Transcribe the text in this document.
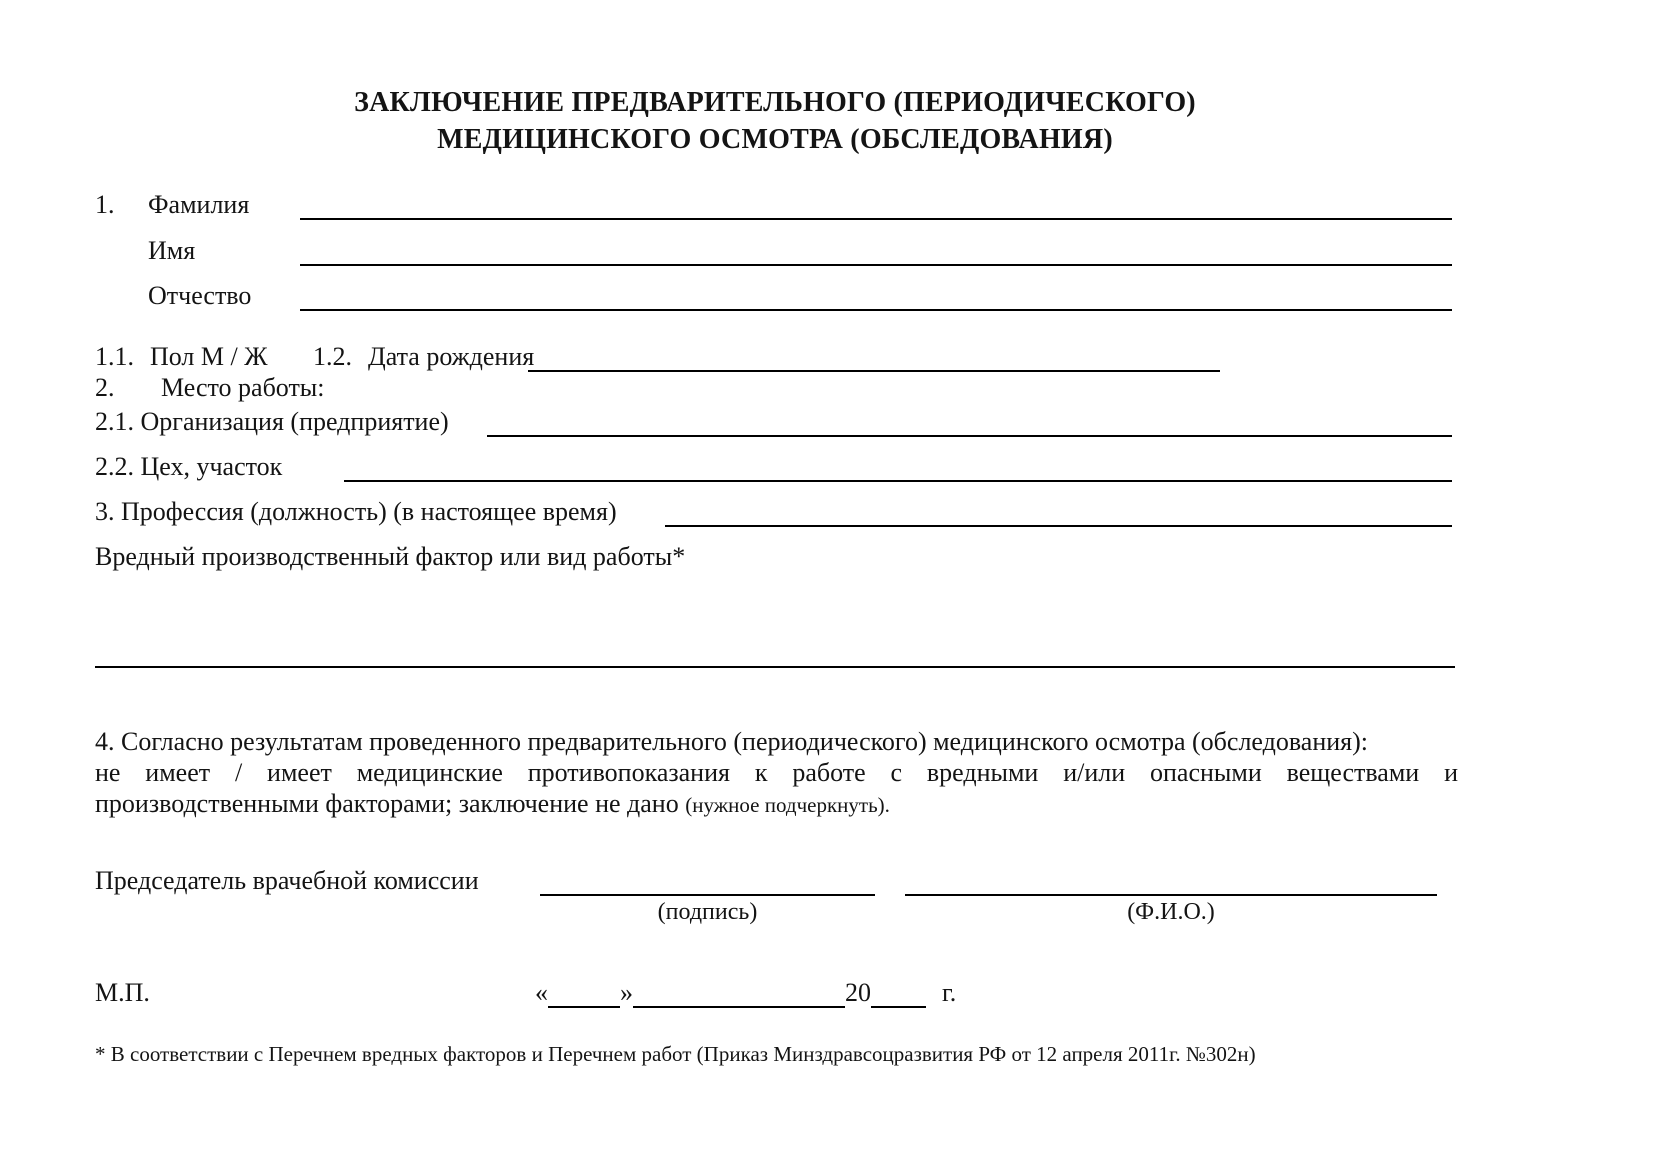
ЗАКЛЮЧЕНИЕ ПРЕДВАРИТЕЛЬНОГО (ПЕРИОДИЧЕСКОГО)
МЕДИЦИНСКОГО ОСМОТРА (ОБСЛЕДОВАНИЯ)
1.	Фамилия
Имя
Отчество
1.1. Пол М / Ж	1.2. Дата рождения
2.	Место работы:
2.1. Организация (предприятие)
2.2. Цех, участок
3. Профессия (должность) (в настоящее время)
Вредный производственный фактор или вид работы*
4. Согласно результатам проведенного предварительного (периодического) медицинского осмотра (обследования):
не имеет / имеет медицинские противопоказания к работе с вредными и/или опасными веществами и
производственными факторами; заключение не дано (нужное подчеркнуть).
Председатель врачебной комиссии
(подпись)	(Ф.И.О.)
М.П.	«	»	20	г.
* В соответствии с Перечнем вредных факторов и Перечнем работ (Приказ Минздравсоцразвития РФ от 12 апреля 2011г. №302н)
